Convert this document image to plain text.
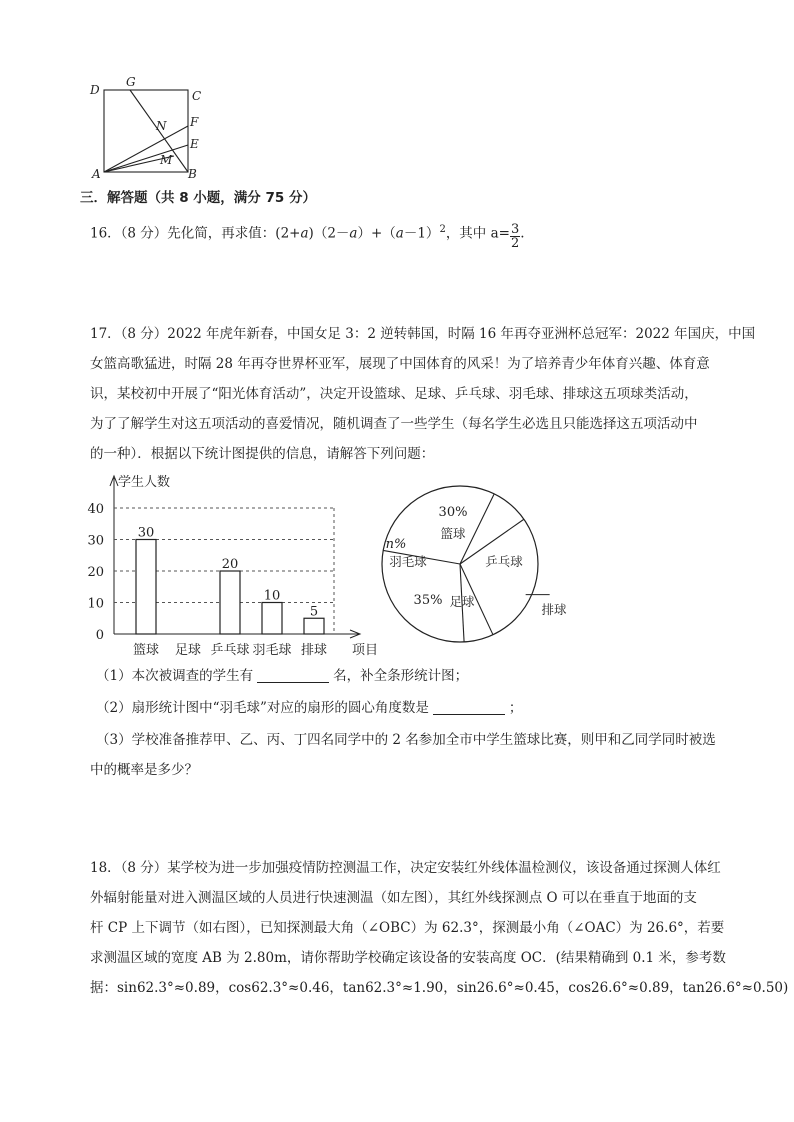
D
G
C
N F
E
M
A	B
三．解答题（共 8 小题，满分 75 分）
16．（8 分）先化简，再求值：$(2+a)(2-a)+(a-1)^2$，其中 $a= \frac{3}{2}$ .
17．（8 分）2022 年虎年新春，中国女足 3：2 逆转韩国，时隔 16 年再夺亚洲杯总冠军：2022 年国庆，中国
女篮高歌猛进，时隔 28 年再夺世界杯亚军，展现了中国体育的风采！为了培养青少年体育兴趣、体育意
识，某校初中开展了“阳光体育活动”，决定开设篮球、足球、乒乓球、羽毛球、排球这五项球类活动，
为了了解学生对这五项活动的喜爱情况，随机调查了一些学生（每名学生必选且只能选择这五项活动中
的一种）．根据以下统计图提供的信息，请解答下列问题：
学生人数
项目
0
10
20
30
40
30
篮球 足球
20
乒乓球
10
羽毛球
5
排球
30%
篮球
乒乓球
排球
35% 足球
n%
羽毛球
（1）本次被调查的学生有	名，补全条形统计图；
（2）扇形统计图中“羽毛球”对应的扇形的圆心角度数是	；
（3）学校准备推荐甲、乙、丙、丁四名同学中的 2 名参加全市中学生篮球比赛，则甲和乙同学同时被选
中的概率是多少？
18．（8 分）某学校为进一步加强疫情防控测温工作，决定安装红外线体温检测仪，该设备通过探测人体红
外辐射能量对进入测温区域的人员进行快速测温（如左图），其红外线探测点 O 可以在垂直于地面的支
杆 CP 上下调节（如右图），已知探测最大角（∠OBC）为 62.3°，探测最小角（∠OAC）为 26.6°，若要
求测温区域的宽度 AB 为 2.80m，请你帮助学校确定该设备的安装高度 OC．(结果精确到 0.1 米，参考数
据：sin62.3°≈0.89，cos62.3°≈0.46，tan62.3°≈1.90，sin26.6°≈0.45，cos26.6°≈0.89，tan26.6°≈0.50)
